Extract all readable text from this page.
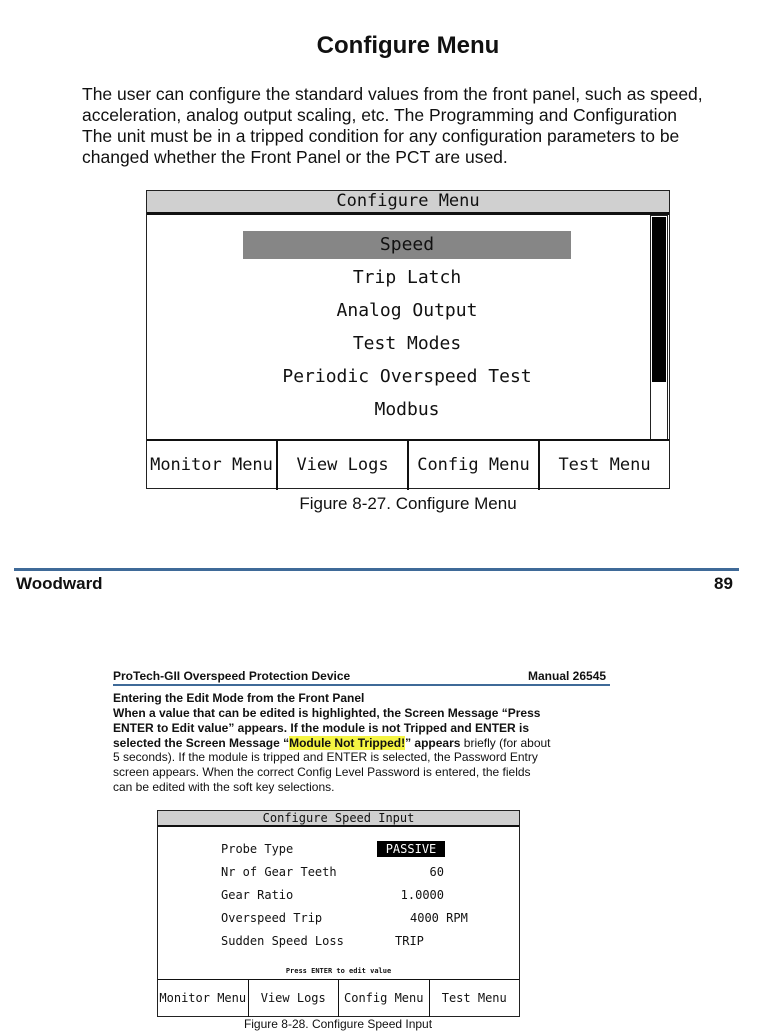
Configure Menu
The user can configure the standard values from the front panel, such as speed,
acceleration, analog output scaling, etc. The Programming and Configuration
The unit must be in a tripped condition for any configuration parameters to be
changed whether the Front Panel or the PCT are used.
Configure Menu
Speed
Trip Latch
Analog Output
Test Modes
Periodic Overspeed Test
Modbus
Monitor Menu	View Logs	Config Menu	Test Menu
Figure 8-27. Configure Menu
Woodward	89
ProTech-GII Overspeed Protection Device	Manual 26545
Entering the Edit Mode from the Front Panel
When a value that can be edited is highlighted, the Screen Message “Press
ENTER to Edit value” appears. If the module is not Tripped and ENTER is
selected the Screen Message “Module Not Tripped!” appears briefly (for about
5 seconds). If the module is tripped and ENTER is selected, the Password Entry
screen appears. When the correct Config Level Password is entered, the fields
can be edited with the soft key selections.
Configure Speed Input
Probe Type	PASSIVE
Nr of Gear Teeth	60
Gear Ratio	1.0000
Overspeed Trip	4000 RPM
Sudden Speed Loss	TRIP
Press ENTER to edit value
Monitor Menu	View Logs	Config Menu	Test Menu
Figure 8-28. Configure Speed Input
